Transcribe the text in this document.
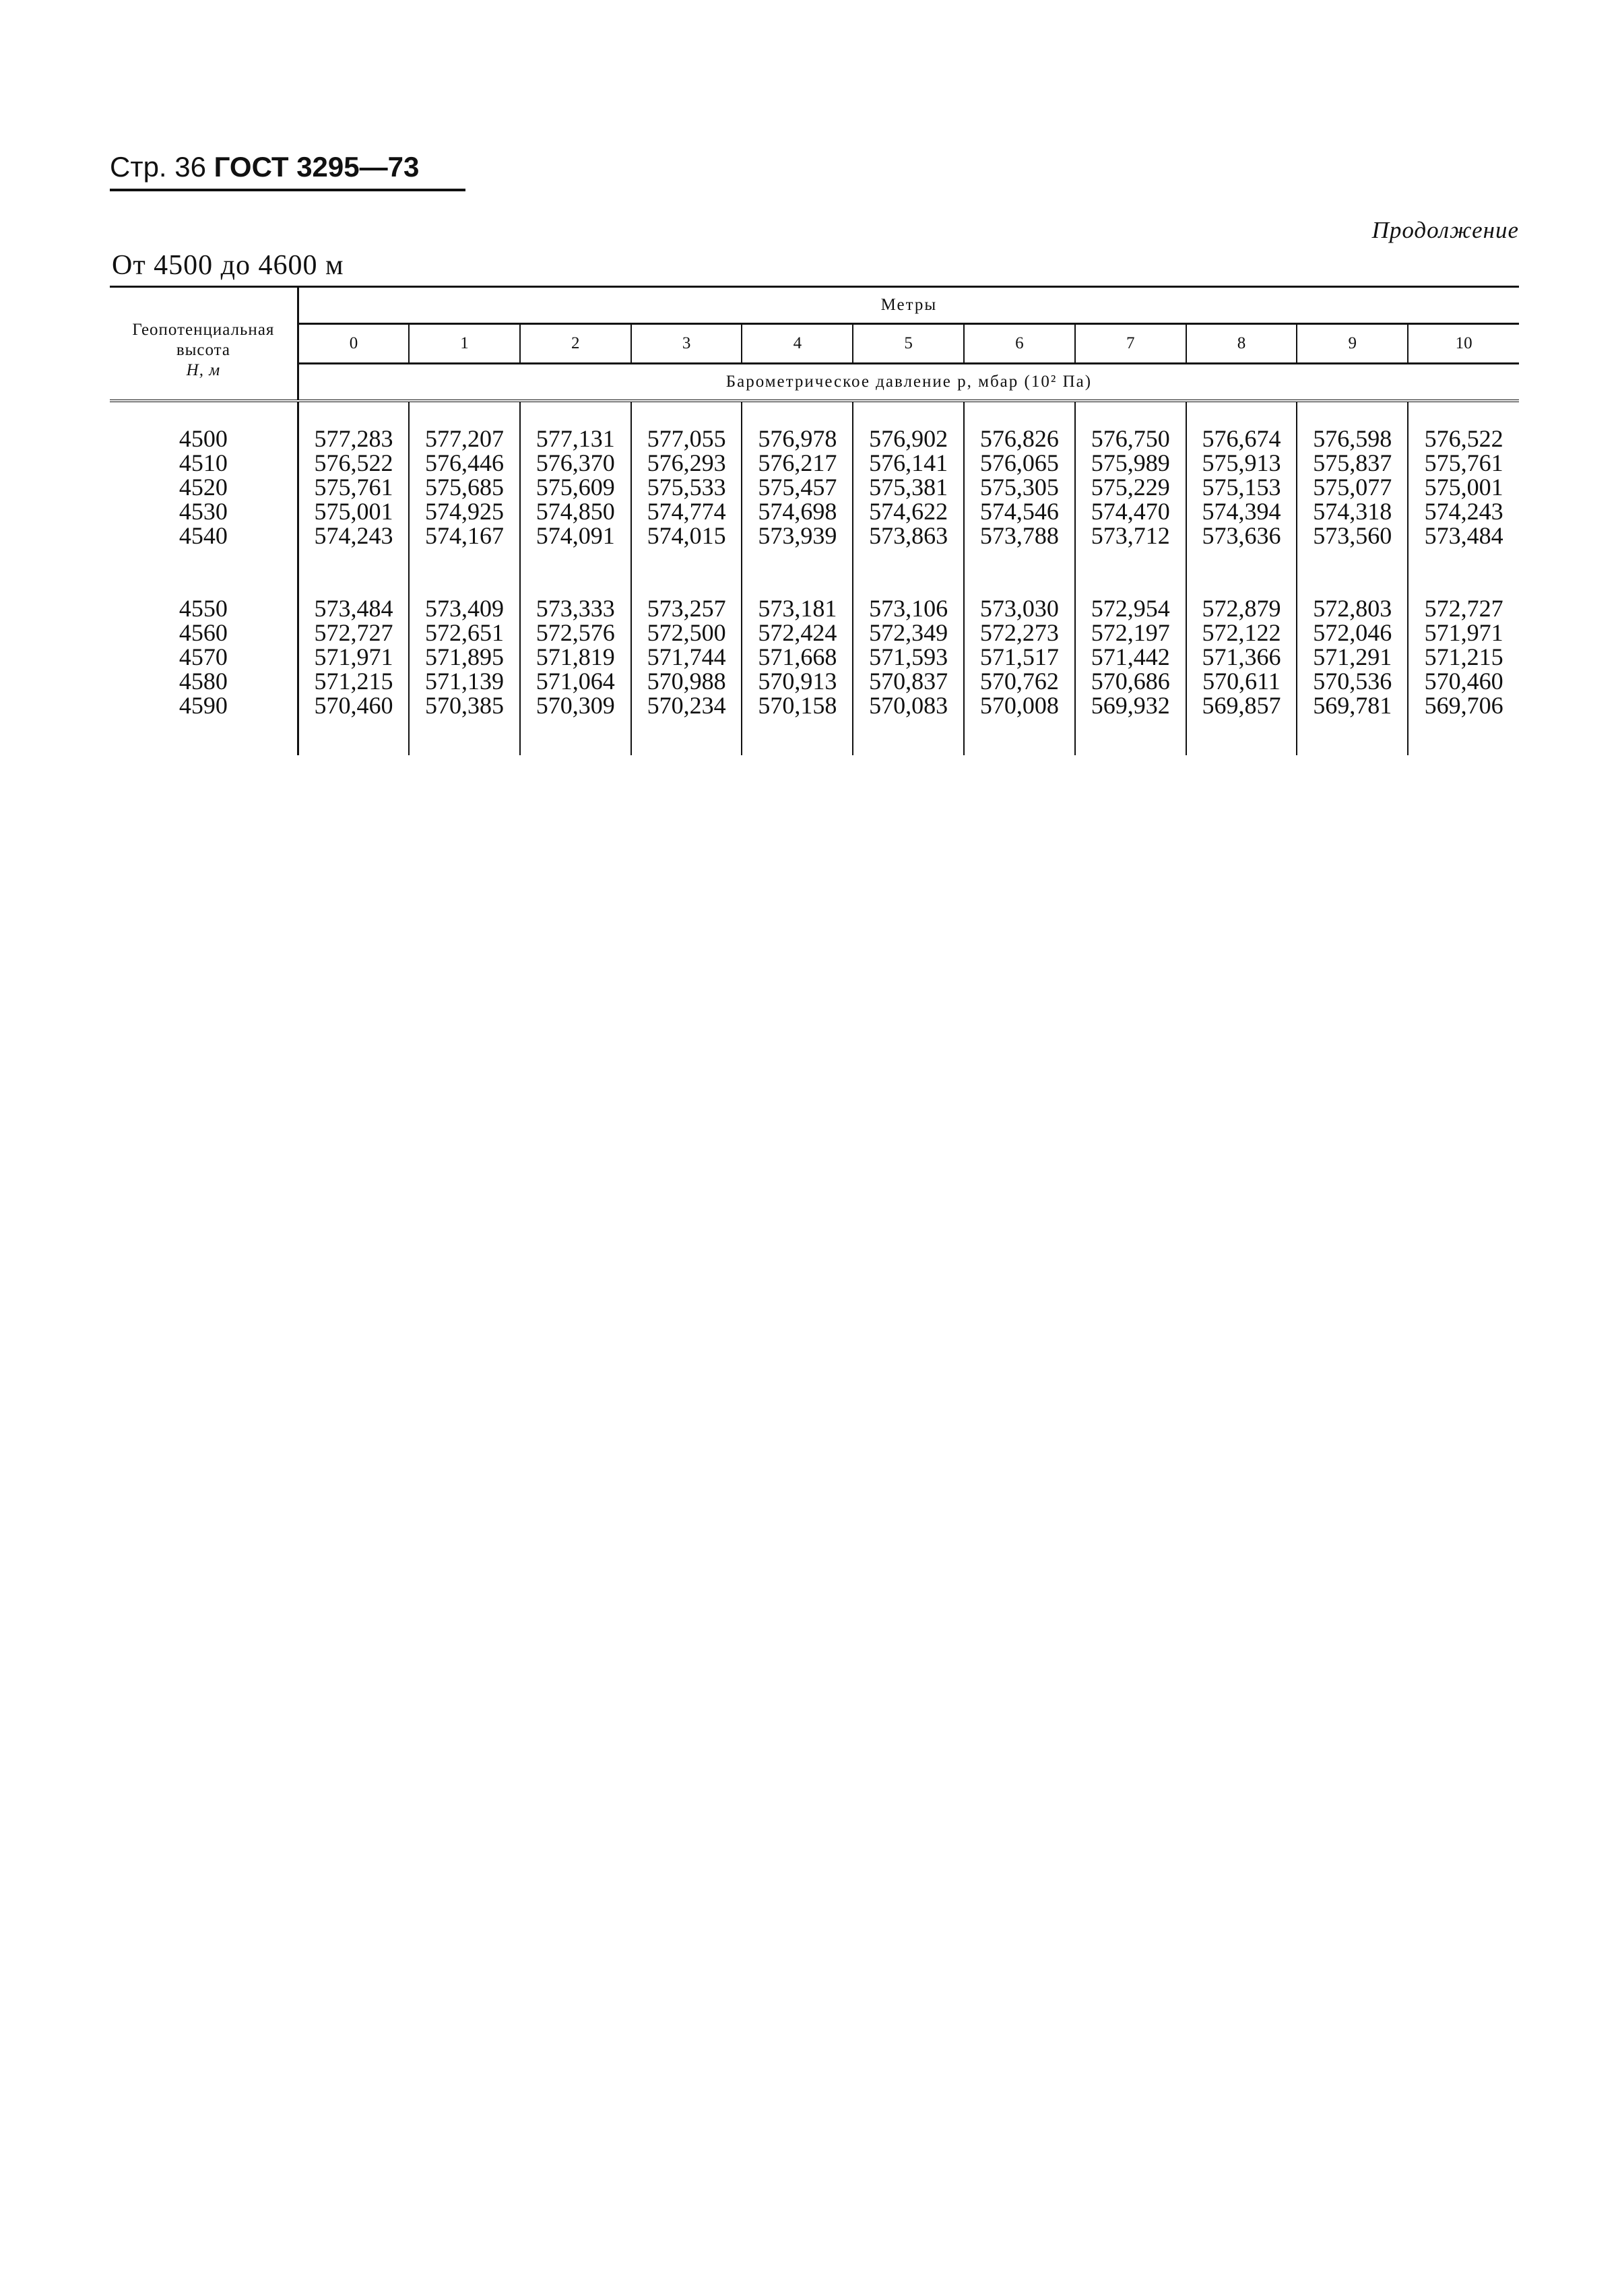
Стр. 36 ГОСТ 3295—73
Продолжение
От 4500 до 4600 м

Геопотенциальная
высота
H, м	Метры										
	0	1	2	3	4	5	6	7	8	9	10
	Барометрическое давление p, мбар (10² Па)										

4500	577,283	577,207	577,131	577,055	576,978	576,902	576,826	576,750	576,674	576,598	576,522
4510	576,522	576,446	576,370	576,293	576,217	576,141	576,065	575,989	575,913	575,837	575,761
4520	575,761	575,685	575,609	575,533	575,457	575,381	575,305	575,229	575,153	575,077	575,001
4530	575,001	574,925	574,850	574,774	574,698	574,622	574,546	574,470	574,394	574,318	574,243
4540	574,243	574,167	574,091	574,015	573,939	573,863	573,788	573,712	573,636	573,560	573,484

4550	573,484	573,409	573,333	573,257	573,181	573,106	573,030	572,954	572,879	572,803	572,727
4560	572,727	572,651	572,576	572,500	572,424	572,349	572,273	572,197	572,122	572,046	571,971
4570	571,971	571,895	571,819	571,744	571,668	571,593	571,517	571,442	571,366	571,291	571,215
4580	571,215	571,139	571,064	570,988	570,913	570,837	570,762	570,686	570,611	570,536	570,460
4590	570,460	570,385	570,309	570,234	570,158	570,083	570,008	569,932	569,857	569,781	569,706
